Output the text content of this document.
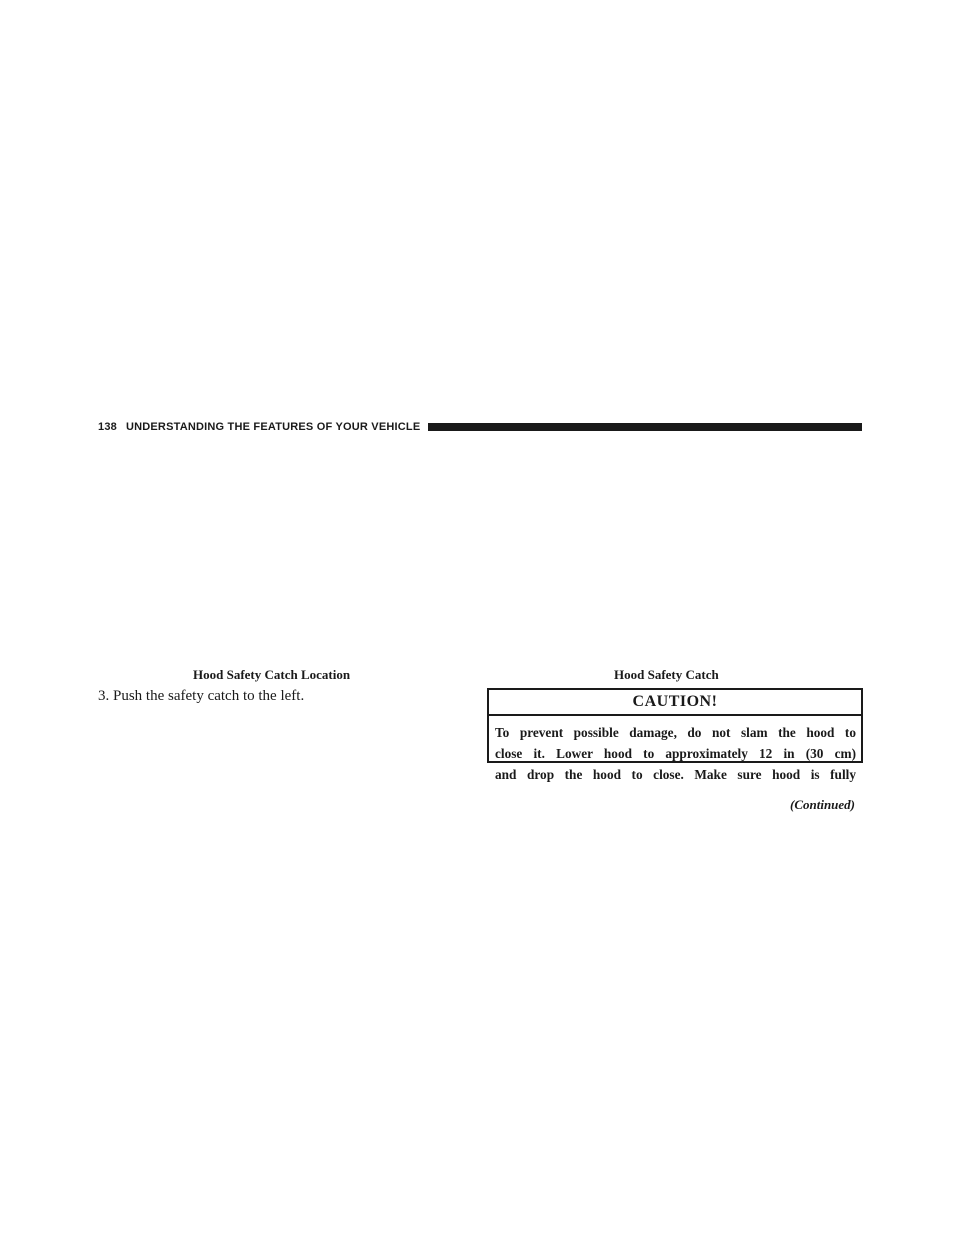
138 UNDERSTANDING THE FEATURES OF YOUR VEHICLE
Hood Safety Catch Location	Hood Safety Catch
3. Push the safety catch to the left.	CAUTION!
To prevent possible damage, do not slam the hood to
close it. Lower hood to approximately 12 in (30 cm)
and drop the hood to close. Make sure hood is fully
(Continued)
